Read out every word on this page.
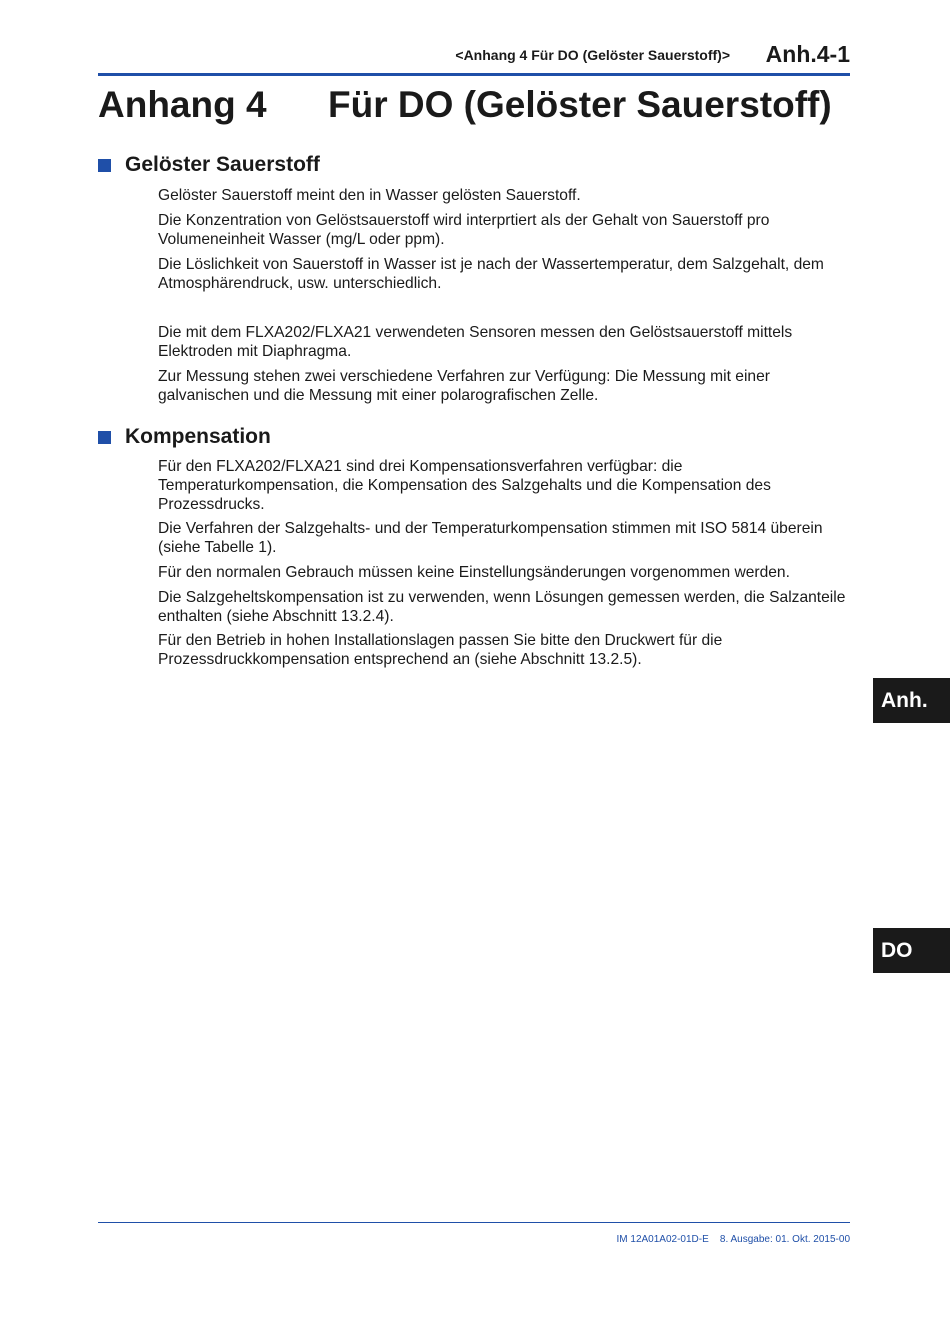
<Anhang 4 Für DO (Gelöster Sauerstoff)> Anh.4-1
Anhang 4 Für DO (Gelöster Sauerstoff)
Gelöster Sauerstoff
Gelöster Sauerstoff meint den in Wasser gelösten Sauerstoff.
Die Konzentration von Gelöstsauerstoff wird interprtiert als der Gehalt von Sauerstoff pro Volumeneinheit Wasser (mg/L oder ppm).
Die Löslichkeit von Sauerstoff in Wasser ist je nach der Wassertemperatur, dem Salzgehalt, dem Atmosphärendruck, usw. unterschiedlich.
Die mit dem FLXA202/FLXA21 verwendeten Sensoren messen den Gelöstsauerstoff mittels Elektroden mit Diaphragma.
Zur Messung stehen zwei verschiedene Verfahren zur Verfügung: Die Messung mit einer galvanischen und die Messung mit einer polarografischen Zelle.
Kompensation
Für den FLXA202/FLXA21 sind drei Kompensationsverfahren verfügbar: die Temperaturkompensation, die Kompensation des Salzgehalts und die Kompensation des Prozessdrucks.
Die Verfahren der Salzgehalts- und der Temperaturkompensation stimmen mit ISO 5814 überein (siehe Tabelle 1).
Für den normalen Gebrauch müssen keine Einstellungsänderungen vorgenommen werden.
Die Salzgeheltskompensation ist zu verwenden, wenn Lösungen gemessen werden, die Salzanteile enthalten (siehe Abschnitt 13.2.4).
Für den Betrieb in hohen Installationslagen passen Sie bitte den Druckwert für die Prozessdruckkompensation entsprechend an (siehe Abschnitt 13.2.5).
Anh.
DO
IM 12A01A02-01D-E 8. Ausgabe: 01. Okt. 2015-00
